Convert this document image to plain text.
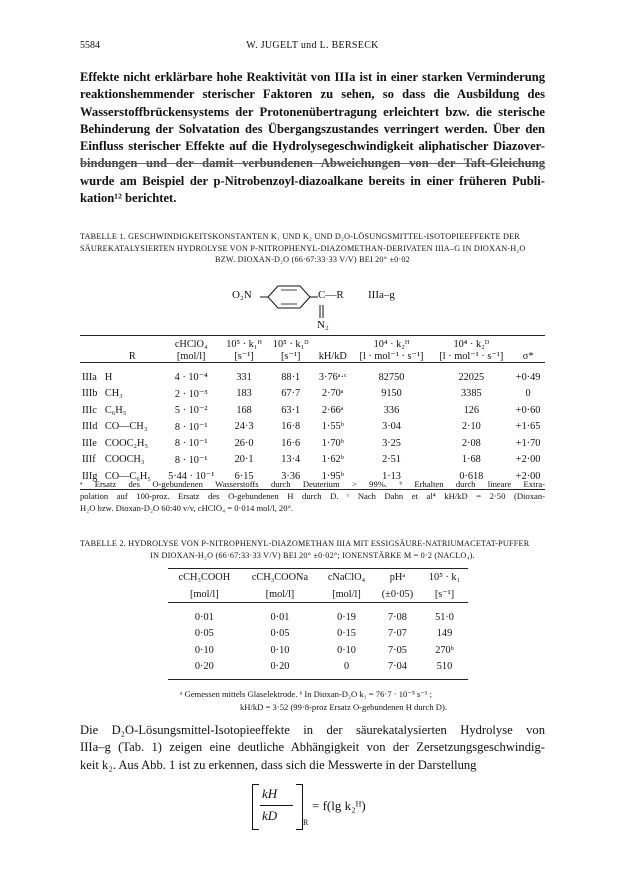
5584	W. JUGELT und L. BERSECK
Effekte nicht erklärbare hohe Reaktivität von IIIa ist in einer starken Verminderung
reaktionshemmender sterischer Faktoren zu sehen, so dass die Ausbildung des
Wasserstoffbrückensystems der Protonenübertragung erleichtert bzw. die sterische
Behinderung der Solvatation des Übergangszustandes verringert werden. Über den
Einfluss sterischer Effekte auf die Hydrolysegeschwindigkeit aliphatischer Diazover-
bindungen und der damit verbundenen Abweichungen von der Taft-Gleichung
wurde am Beispiel der p-Nitrobenzoyl-diazoalkane bereits in einer früheren Publi-
kation¹² berichtet.
TABELLE 1. GESCHWINDIGKEITSKONSTANTEN K₁ UND K₂ UND D₂O-LÖSUNGSMITTEL-ISOTOPIEEFFEKTE DER
SÄUREKATALYSIERTEN HYDROLYSE VON P-NITROPHENYL-DIAZOMETHAN-DERIVATEN IIIA–G IN DIOXAN-H₂O
BZW. DIOXAN-D₂O (66·67:33·33 V/V) BEI 20° ±0·02
O₂N	C—R
N₂
IIIa–g
		cHClO₄	10⁵ · k₁ᴴ	10⁵ · k₁ᴰ		10⁴ · k₂ᴴ	10⁴ · k₂ᴰ	
	R	[mol/l]	[s⁻¹]	[s⁻¹]	kH/kD	[l · mol⁻¹ · s⁻¹]	[l · mol⁻¹ · s⁻¹]	σ*
IIIa	H	4 · 10⁻⁴	331	88·1	3·76ᵃ·ᶜ	82750	22025	+0·49
IIIb	CH₃	2 · 10⁻³	183	67·7	2·70ᵃ	9150	3385	0
IIIc	C₆H₅	5 · 10⁻²	168	63·1	2·66ᵃ	336	126	+0·60
IIId	CO—CH₃	8 · 10⁻¹	24·3	16·8	1·55ᵇ	3·04	2·10	+1·65
IIIe	COOC₂H₅	8 · 10⁻¹	26·0	16·6	1·70ᵇ	3·25	2·08	+1·70
IIIf	COOCH₃	8 · 10⁻¹	20·1	13·4	1·62ᵇ	2·51	1·68	+2·00
IIIg	CO—C₆H₅	5·44 · 10⁻¹	6·15	3·36	1·95ᵇ	1·13	0·618	+2·00
ᵃ Ersatz des O-gebundenen Wasserstoffs durch Deuterium > 99%. ᵇ Erhalten durch lineare Extra-
polation auf 100-proz. Ersatz des O-gebundenen H durch D. ᶜ Nach Dahn et al⁴ kH/kD = 2·50 (Dioxan-
H₂O bzw. Dioxan-D₂O 60:40 v/v, cHClO₄ = 0·014 mol/l, 20°.
TABELLE 2. HYDROLYSE VON P-NITROPHENYL-DIAZOMETHAN IIIA MIT ESSIGSÄURE-NATRIUMACETAT-PUFFER
IN DIOXAN-H₂O (66·67:33·33 V/V) BEI 20° ±0·02°; IONENSTÄRKE Μ = 0·2 (NACLO₄).
cCH₃COOH	cCH₃COONa	cNaClO₄	pHᵃ	10⁵ · k₁
[mol/l]	[mol/l]	[mol/l]	(±0·05)	[s⁻¹]
0·01	0·01	0·19	7·08	51·0
0·05	0·05	0·15	7·07	149
0·10	0·10	0·10	7·05	270ᵇ
0·20	0·20	0	7·04	510
ᵃ Gemessen mittels Glaselektrode. ᵇ In Dioxan-D₂O k₁ = 76·7 · 10⁻⁵ s⁻¹ ;
kH/kD = 3·52 (99·8-proz Ersatz O-gebundenen H durch D).
Die D₂O-Lösungsmittel-Isotopieeffekte in der säurekatalysierten Hydrolyse von
IIIa–g (Tab. 1) zeigen eine deutliche Abhängigkeit von der Zersetzungsgeschwindig-
keit k₂. Aus Abb. 1 ist zu erkennen, dass sich die Messwerte in der Darstellung
kH
kD	R
= f(lg k₂ᴴ)
